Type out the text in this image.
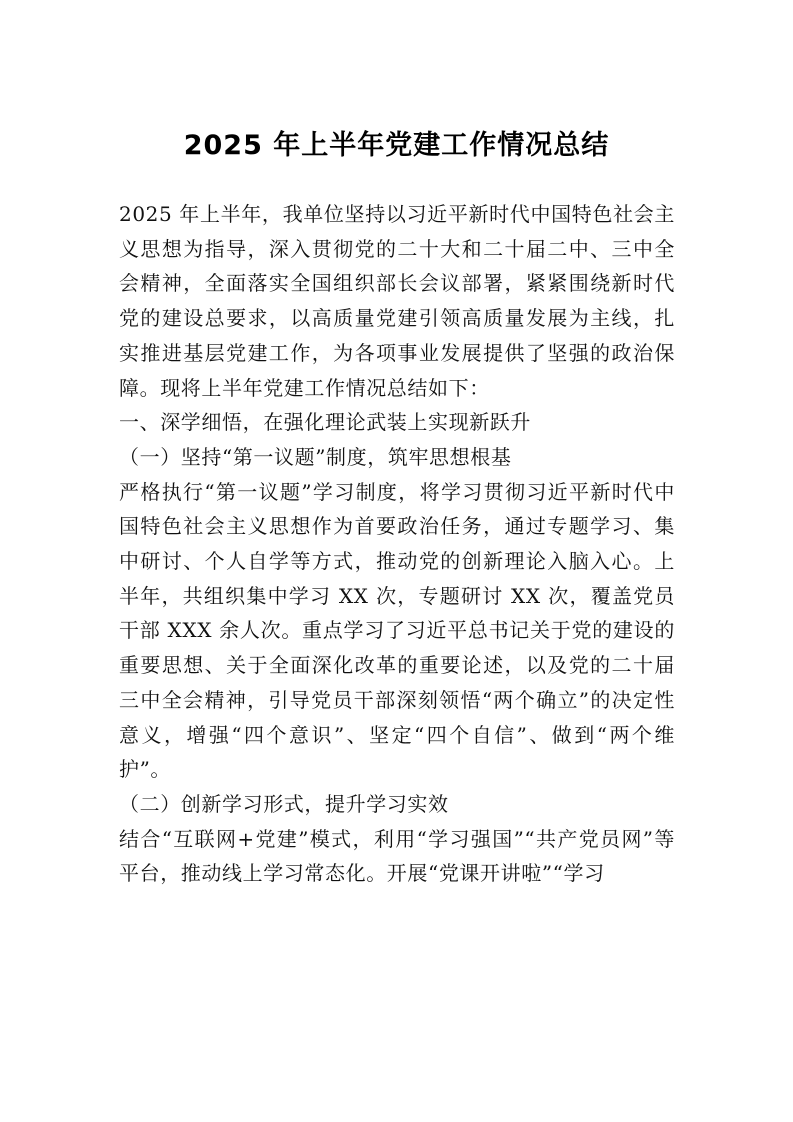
2025 年上半年党建工作情况总结

2025 年上半年，我单位坚持以习近平新时代中国特色社会主义思想为指导，深入贯彻党的二十大和二十届二中、三中全会精神，全面落实全国组织部长会议部署，紧紧围绕新时代党的建设总要求，以高质量党建引领高质量发展为主线，扎实推进基层党建工作，为各项事业发展提供了坚强的政治保障。现将上半年党建工作情况总结如下：

一、深学细悟，在强化理论武装上实现新跃升

（一）坚持“第一议题”制度，筑牢思想根基

严格执行“第一议题”学习制度，将学习贯彻习近平新时代中国特色社会主义思想作为首要政治任务，通过专题学习、集中研讨、个人自学等方式，推动党的创新理论入脑入心。上半年，共组织集中学习 XX 次，专题研讨 XX 次，覆盖党员干部 XXX 余人次。重点学习了习近平总书记关于党的建设的重要思想、关于全面深化改革的重要论述，以及党的二十届三中全会精神，引导党员干部深刻领悟“两个确立”的决定性意义，增强“四个意识”、坚定“四个自信”、做到“两个维护”。

（二）创新学习形式，提升学习实效

结合“互联网+党建”模式，利用“学习强国”“共产党员网”等平台，推动线上学习常态化。开展“党课开讲啦”“学习
